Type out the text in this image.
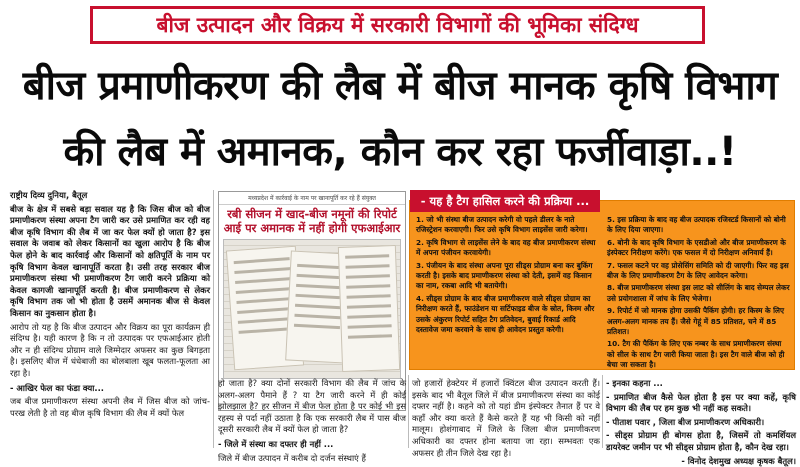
बीज उत्पादन और विक्रय में सरकारी विभागों की भूमिका संदिग्ध
बीज प्रमाणीकरण की लैब में बीज मानक कृषि विभाग
की लैब में अमानक, कौन कर रहा फर्जीवाड़ा..!

राष्ट्रीय दिव्य दुनिया, बैतूल

बीज के क्षेत्र में सबसे बड़ा सवाल यह है कि जिस बीज को बीज प्रमाणीकरण संस्था अपना टैग जारी कर उसे प्रमाणित कर रही वह बीज कृषि विभाग की लैब में जा कर फेल क्यों हो जाता है? इस सवाल के जवाब को लेकर किसानों का खुला आरोप है कि बीज फेल होने के बाद कार्रवाई और किसानों को क्षतिपूर्ति के नाम पर कृषि विभाग केवल खानापूर्ति करता है। उसी तरह सरकार बीज प्रमाणीकरण संस्था भी प्रमाणीकरण टैग जारी करने प्रक्रिया को केवल कागजी खानापूर्ति करती है। बीज प्रमाणीकरण से लेकर कृषि विभाग तक जो भी होता है उसमें अमानक बीज से केवल किसान का नुकसान होता है।

आरोप तो यह है कि बीज उत्पादन और विक्रय का पूरा कार्यक्रम ही संदिग्ध है। यही कारण है कि न तो उत्पादक पर एफआईआर होती और न ही संदिग्ध प्रोग्राम वाले जिम्मेदार अफसर का कुछ बिगड़ता है। इसलिए बीज में धंधेबाजी का बोलबाला खूब फलता-फूलता आ रहा है।

- आखिर फेल का फंडा क्या...

जब बीज प्रमाणीकरण संस्था अपनी लैब में जिस बीज को जांच-परख लेती है तो वह बीज कृषि विभाग की लैब में क्यों फेल

मध्यप्रदेश में कार्रवाई के नाम पर खानापूर्ति कर रहे हैं संयुक्त
रबी सीजन में खाद-बीज नमूनों की रिपोर्ट आई पर अमानक में नहीं होगी एफआईआर

हो जाता है? क्या दोनों सरकारी विभाग की लैब में जांच के अलग-अलग पैमाने हैं ? या टैग जारी करने में ही कोई झोलझाल है? हर सीजन में बीज फेल होता है पर कोई भी इस रहस्य से पर्दा नहीं उठाता है कि एक सरकारी लैब में पास बीज दूसरी सरकारी लैब में क्यों फेल हो जाता है?

- जिले में संस्था का दफ्तर ही नहीं ...

जिले में बीज उत्पादन में करीब दो दर्जन संस्थाएं हैं

जो हजारों हेक्टेयर में हजारों क्विंटल बीज उत्पादन करती हैं। इसके बाद भी बैतूल जिले में बीज प्रमाणीकरण संस्था का कोई दफ्तर नहीं है। कहने को तो यहां डीम इंस्पेक्टर तैनात हैं पर वे कहाँ और क्या करते हैं कैसे करते हैं यह भी किसी को नहीं मालूम। होशंगाबाद में जिले के जिला बीज प्रमाणीकरण अधिकारी का दफ्तर होना बताया जा रहा। सम्भवतः एक अफसर ही तीन जिले देख रहा है।

- यह है टैग हासिल करने की प्रक्रिया ...

1. जो भी संस्था बीज उत्पादन करेगी वो पहले डीलर के नाते रजिस्ट्रेशन करवाएगी। फिर उसे कृषि विभाग लाइसेंस जारी करेगा।

2. कृषि विभाग से लाइसेंस लेने के बाद वह बीज प्रमाणीकरण संस्था में अपना पंजीयन करवायेगी।

3. पंजीयन के बाद संस्था अपना पूरा सीड्स प्रोग्राम बना कर बुकिंग करती है। इसके बाद प्रमाणीकरण संस्था को देती, इसमें वह किसान का नाम, रकबा आदि भी बतायेगी।

4. सीड्स प्रोग्राम के बाद बीज प्रमाणीकरण वाले सीड्स प्रोग्राम का निरीक्षण करते हैं, फाउंडेशन या सर्टिफाइड बीज के स्रोत, किस्म और उसके अंकुरण रिपोर्ट सहित टैग प्रतिवेदन, बुवाई रिकार्ड आदि दस्तावेज जमा करवाने के साथ ही आवेदन प्रस्तुत करेगी।

5. इस प्रक्रिया के बाद वह बीज उत्पादक रजिस्टर्ड किसानों को बोनी के लिए दिया जाएगा।

6. बोनी के बाद कृषि विभाग के एसडीओ और बीज प्रमाणीकरण के इंस्पेक्टर निरीक्षण करेंगे। एक फसल में दो निरीक्षण अनिवार्य हैं।

7. फसल कटने पर वह प्रोसेसिंग समिति को दी जाएगी। फिर वह इस बीज के लिए प्रमाणीकरण टैग के लिए आवेदन करेगा।

8. बीज प्रमाणीकरण संस्था इस लाट को सीलिंग के बाद सेम्पल लेकर उसे प्रयोगशाला में जांच के लिए भेजेगा।

9. रिपोर्ट में जो मानक होगा उसकी पैकिंग होगी। हर किस्म के लिए अलग-अलग मानक तय हैं। जैसे गेहूं में 85 प्रतिशत, चने में 85 प्रतिशत।

10. टैग की पैकिंग के लिए एक नम्बर के साथ प्रमाणीकरण संस्था को सील के साथ टैग जारी किया जाता है। इस टैग वाले बीज को ही बेचा जा सकता है।

- इनका कहना ...

- प्रमाणित बीज कैसे फेल होता है इस पर क्या कहें, कृषि विभाग की लैब पर हम कुछ भी नहीं कह सकते।

- पीताश पवार , जिला बीज प्रमाणीकरण अधिकारी।

- सीड्स प्रोग्राम ही बोगस होता है, जिसमें तो कमर्शियल डायरेक्ट जमीन पर भी सीड्स प्रोग्राम होता है, कौन देख रहा।

- विनोद देशमुख अध्यक्ष कृषक बैतूल।
